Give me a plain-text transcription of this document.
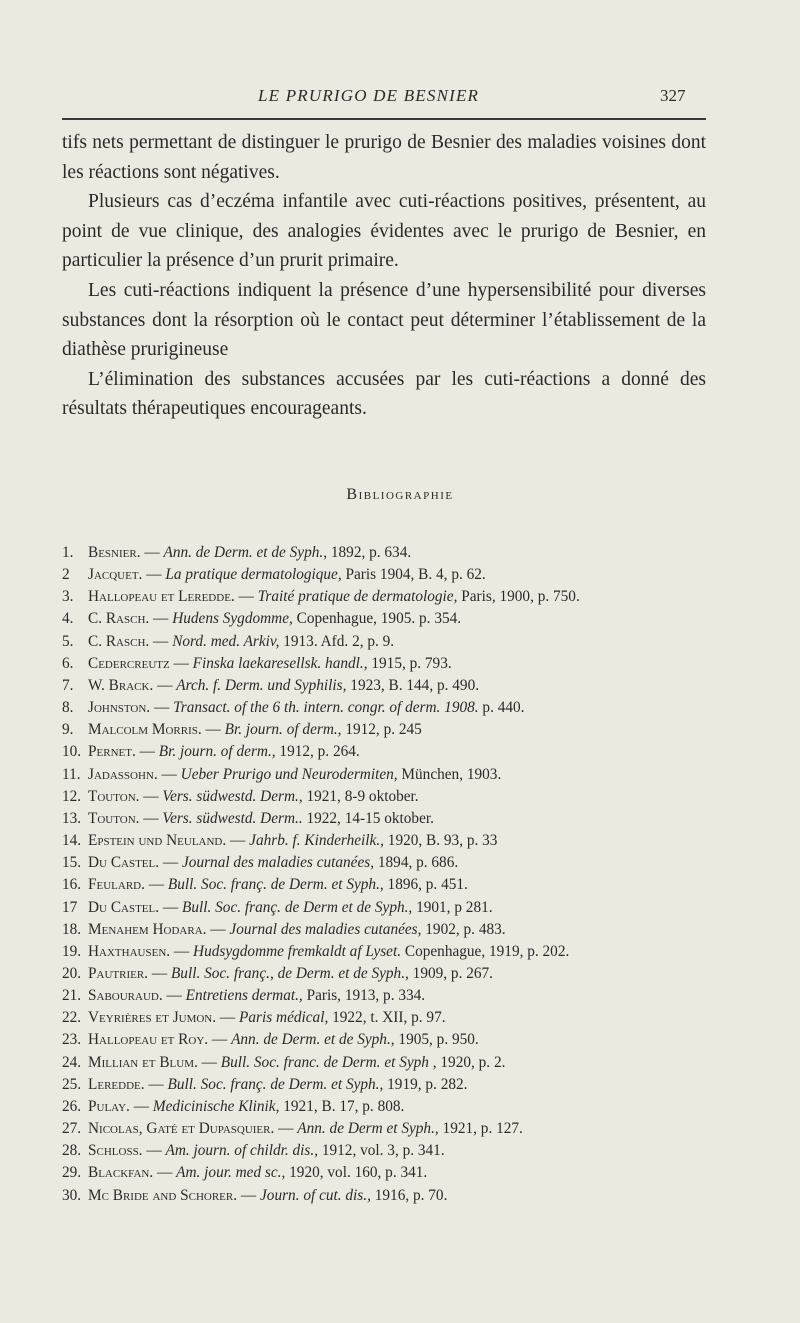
LE PRURIGO DE BESNIER	327

tifs nets permettant de distinguer le prurigo de Besnier des maladies voisines dont les réactions sont négatives.

Plusieurs cas d’eczéma infantile avec cuti-réactions positives, présentent, au point de vue clinique, des analogies évidentes avec le prurigo de Besnier, en particulier la présence d’un prurit primaire.

Les cuti-réactions indiquent la présence d’une hypersensibilité pour diverses substances dont la résorption où le contact peut déterminer l’établissement de la diathèse prurigineuse

L’élimination des substances accusées par les cuti-réactions a donné des résultats thérapeutiques encourageants.

Bibliographie
1. Besnier. — Ann. de Derm. et de Syph., 1892, p. 634.
2 Jacquet. — La pratique dermatologique, Paris 1904, B. 4, p. 62.
3. Hallopeau et Leredde. — Traité pratique de dermatologie, Paris, 1900, p. 750.
4. C. Rasch. — Hudens Sygdomme, Copenhague, 1905. p. 354.
5. C. Rasch. — Nord. med. Arkiv, 1913. Afd. 2, p. 9.
6. Cedercreutz — Finska laekaresellsk. handl., 1915, p. 793.
7. W. Brack. — Arch. f. Derm. und Syphilis, 1923, B. 144, p. 490.
8. Johnston. — Transact. of the 6 th. intern. congr. of derm. 1908. p. 440.
9. Malcolm Morris. — Br. journ. of derm., 1912, p. 245
10. Pernet. — Br. journ. of derm., 1912, p. 264.
11. Jadassohn. — Ueber Prurigo und Neurodermiten, München, 1903.
12. Touton. — Vers. südwestd. Derm., 1921, 8-9 oktober.
13. Touton. — Vers. südwestd. Derm.. 1922, 14-15 oktober.
14. Epstein und Neuland. — Jahrb. f. Kinderheilk., 1920, B. 93, p. 33
15. Du Castel. — Journal des maladies cutanées, 1894, p. 686.
16. Feulard. — Bull. Soc. franç. de Derm. et Syph., 1896, p. 451.
17 Du Castel. — Bull. Soc. franç. de Derm et de Syph., 1901, p 281.
18. Menahem Hodara. — Journal des maladies cutanées, 1902, p. 483.
19. Haxthausen. — Hudsygdomme fremkaldt af Lyset. Copenhague, 1919, p. 202.
20. Pautrier. — Bull. Soc. franç., de Derm. et de Syph., 1909, p. 267.
21. Sabouraud. — Entretiens dermat., Paris, 1913, p. 334.
22. Veyrières et Jumon. — Paris médical, 1922, t. XII, p. 97.
23. Hallopeau et Roy. — Ann. de Derm. et de Syph., 1905, p. 950.
24. Millian et Blum. — Bull. Soc. franc. de Derm. et Syph , 1920, p. 2.
25. Leredde. — Bull. Soc. franç. de Derm. et Syph., 1919, p. 282.
26. Pulay. — Medicinische Klinik, 1921, B. 17, p. 808.
27. Nicolas, Gaté et Dupasquier. — Ann. de Derm et Syph., 1921, p. 127.
28. Schloss. — Am. journ. of childr. dis., 1912, vol. 3, p. 341.
29. Blackfan. — Am. jour. med sc., 1920, vol. 160, p. 341.
30. Mc Bride and Schorer. — Journ. of cut. dis., 1916, p. 70.
